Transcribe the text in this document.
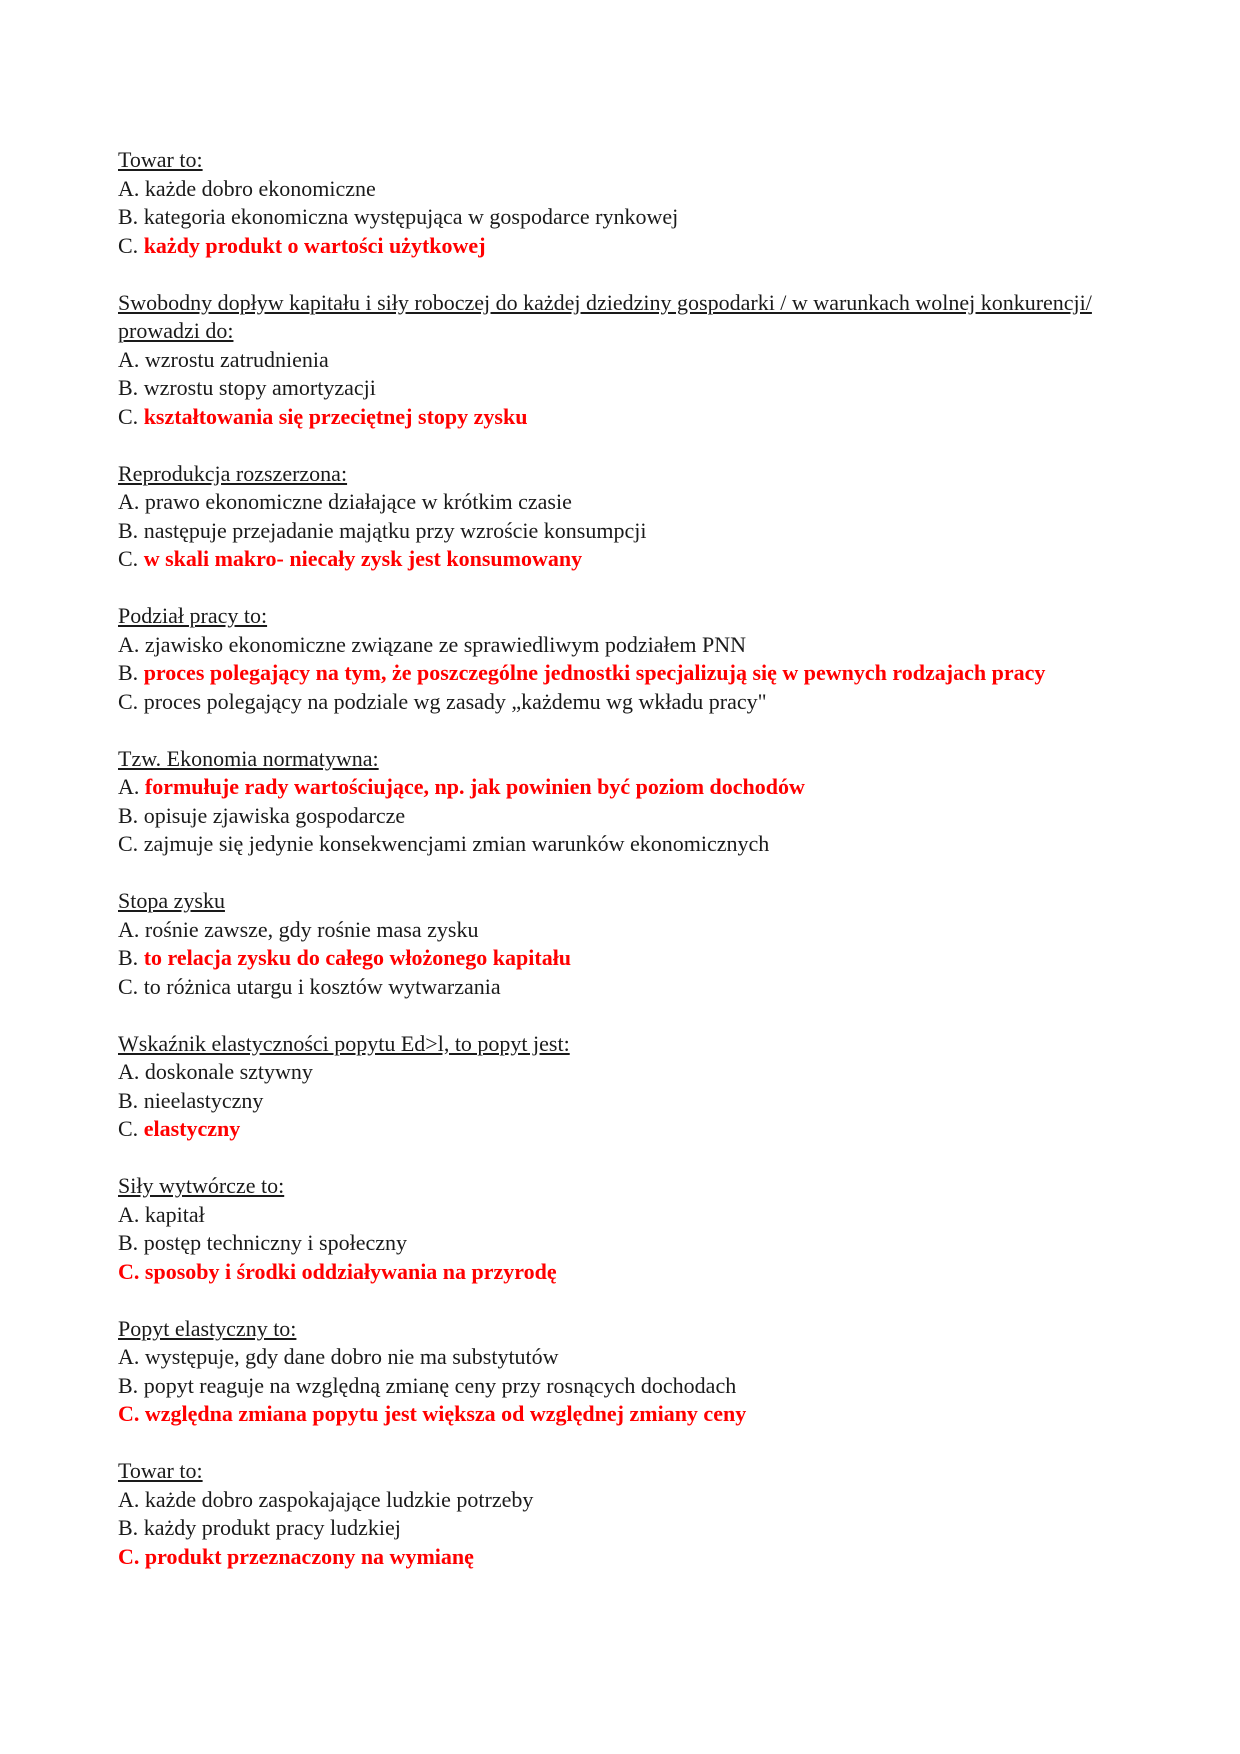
Towar to:
A. każde dobro ekonomiczne
B. kategoria ekonomiczna występująca w gospodarce rynkowej
C. każdy produkt o wartości użytkowej
Swobodny dopływ kapitału i siły roboczej do każdej dziedziny gospodarki / w warunkach wolnej konkurencji/ prowadzi do:
A. wzrostu zatrudnienia
B. wzrostu stopy amortyzacji
C. kształtowania się przeciętnej stopy zysku
Reprodukcja rozszerzona:
A. prawo ekonomiczne działające w krótkim czasie
B. następuje przejadanie majątku przy wzroście konsumpcji
C. w skali makro- niecały zysk jest konsumowany
Podział pracy to:
A. zjawisko ekonomiczne związane ze sprawiedliwym podziałem PNN
B. proces polegający na tym, że poszczególne jednostki specjalizują się w pewnych rodzajach pracy
C. proces polegający na podziale wg zasady „każdemu wg wkładu pracy"
Tzw. Ekonomia normatywna:
A. formułuje rady wartościujące, np. jak powinien być poziom dochodów
B. opisuje zjawiska gospodarcze
C. zajmuje się jedynie konsekwencjami zmian warunków ekonomicznych
Stopa zysku
A. rośnie zawsze, gdy rośnie masa zysku
B. to relacja zysku do całego włożonego kapitału
C. to różnica utargu i kosztów wytwarzania
Wskaźnik elastyczności popytu Ed>l, to popyt jest:
A. doskonale sztywny
B. nieelastyczny
C. elastyczny
Siły wytwórcze to:
A. kapitał
B. postęp techniczny i społeczny
C. sposoby i środki oddziaływania na przyrodę
Popyt elastyczny to:
A. występuje, gdy dane dobro nie ma substytutów
B. popyt reaguje na względną zmianę ceny przy rosnących dochodach
C. względna zmiana popytu jest większa od względnej zmiany ceny
Towar to:
A. każde dobro zaspokajające ludzkie potrzeby
B. każdy produkt pracy ludzkiej
C. produkt przeznaczony na wymianę
